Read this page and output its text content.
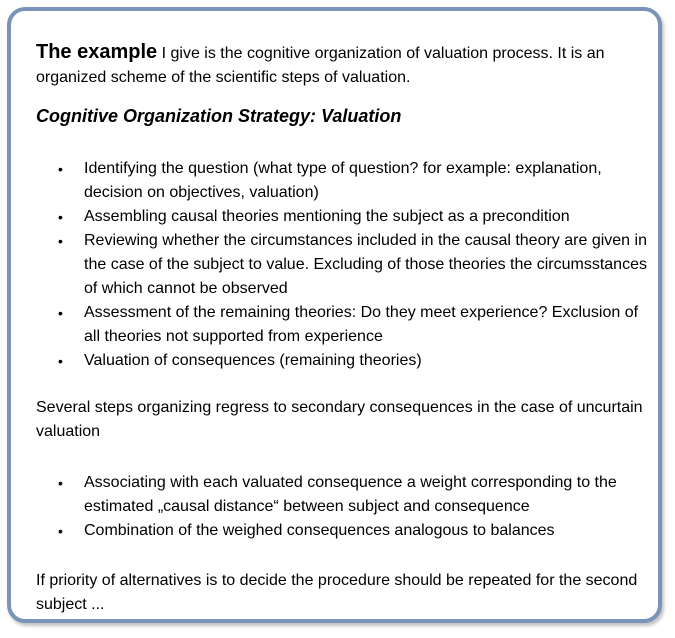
The example I give is the cognitive organization of valuation process. It is an organized scheme of the scientific steps of valuation.

Cognitive Organization Strategy: Valuation

• Identifying the question (what type of question? for example: explanation, decision on objectives, valuation)
• Assembling causal theories mentioning the subject as a precondition
• Reviewing whether the circumstances included in the causal theory are given in the case of the subject to value. Excluding of those theories the circumsstances of which cannot be observed
• Assessment of the remaining theories: Do they meet experience? Exclusion of all theories not supported from experience
• Valuation of consequences (remaining theories)

Several steps organizing regress to secondary consequences in the case of uncurtain valuation

• Associating with each valuated consequence a weight corresponding to the estimated „causal distance“ between subject and consequence
• Combination of the weighed consequences analogous to balances

If priority of alternatives is to decide the procedure should be repeated for the second subject ...
